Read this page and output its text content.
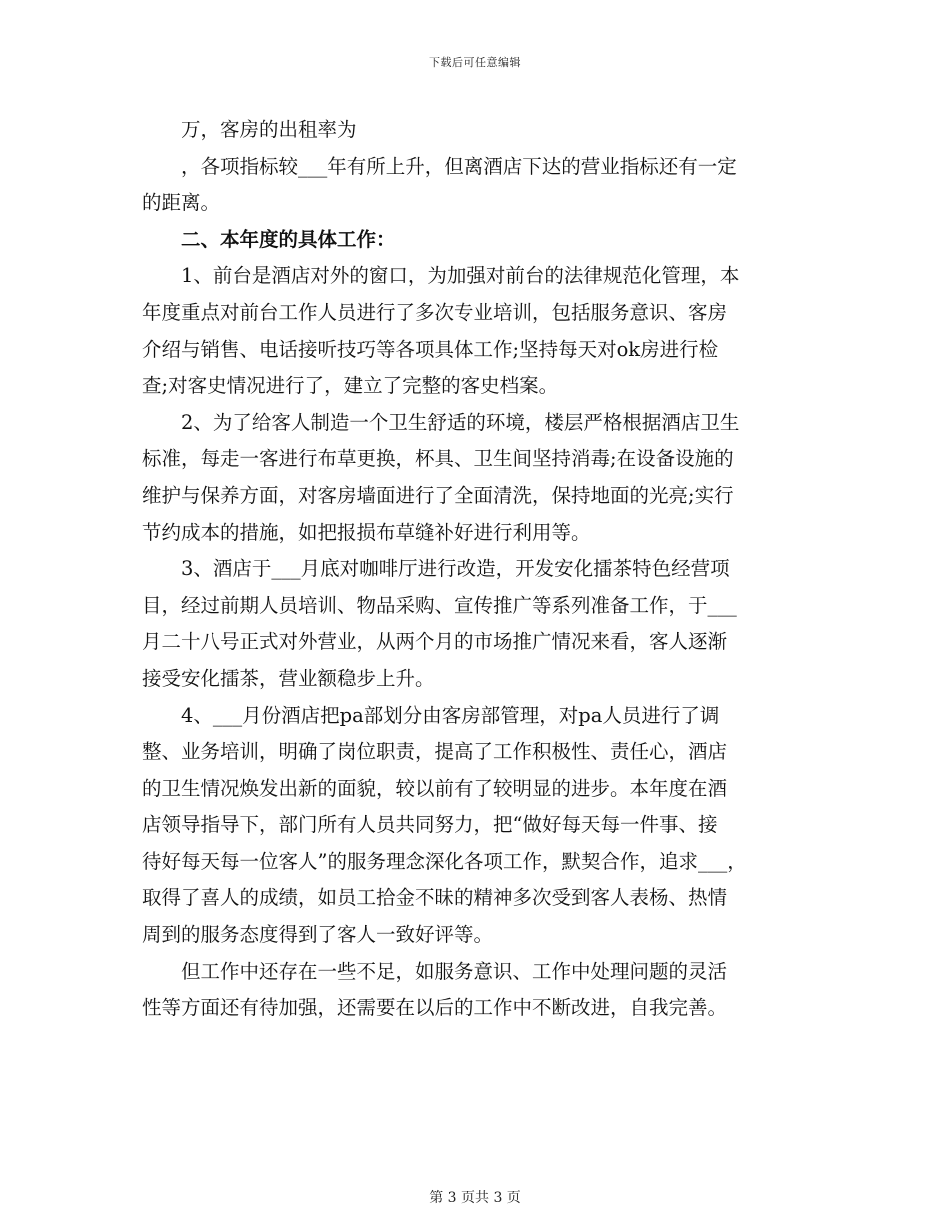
下载后可任意编辑
万，客房的出租率为
，各项指标较___年有所上升，但离酒店下达的营业指标还有一定
的距离。
二、本年度的具体工作：
1、前台是酒店对外的窗口，为加强对前台的法律规范化管理，本
年度重点对前台工作人员进行了多次专业培训，包括服务意识、客房
介绍与销售、电话接听技巧等各项具体工作;坚持每天对ok房进行检
查;对客史情况进行了，建立了完整的客史档案。
2、为了给客人制造一个卫生舒适的环境，楼层严格根据酒店卫生
标准，每走一客进行布草更换，杯具、卫生间坚持消毒;在设备设施的
维护与保养方面，对客房墙面进行了全面清洗，保持地面的光亮;实行
节约成本的措施，如把报损布草缝补好进行利用等。
3、酒店于___月底对咖啡厅进行改造，开发安化擂茶特色经营项
目，经过前期人员培训、物品采购、宣传推广等系列准备工作，于___
月二十八号正式对外营业，从两个月的市场推广情况来看，客人逐渐
接受安化擂茶，营业额稳步上升。
4、___月份酒店把pa部划分由客房部管理，对pa人员进行了调
整、业务培训，明确了岗位职责，提高了工作积极性、责任心，酒店
的卫生情况焕发出新的面貌，较以前有了较明显的进步。本年度在酒
店领导指导下，部门所有人员共同努力，把“做好每天每一件事、接
待好每天每一位客人”的服务理念深化各项工作，默契合作，追求___，
取得了喜人的成绩，如员工拾金不昧的精神多次受到客人表杨、热情
周到的服务态度得到了客人一致好评等。
但工作中还存在一些不足，如服务意识、工作中处理问题的灵活
性等方面还有待加强，还需要在以后的工作中不断改进，自我完善。
第 3 页共 3 页
